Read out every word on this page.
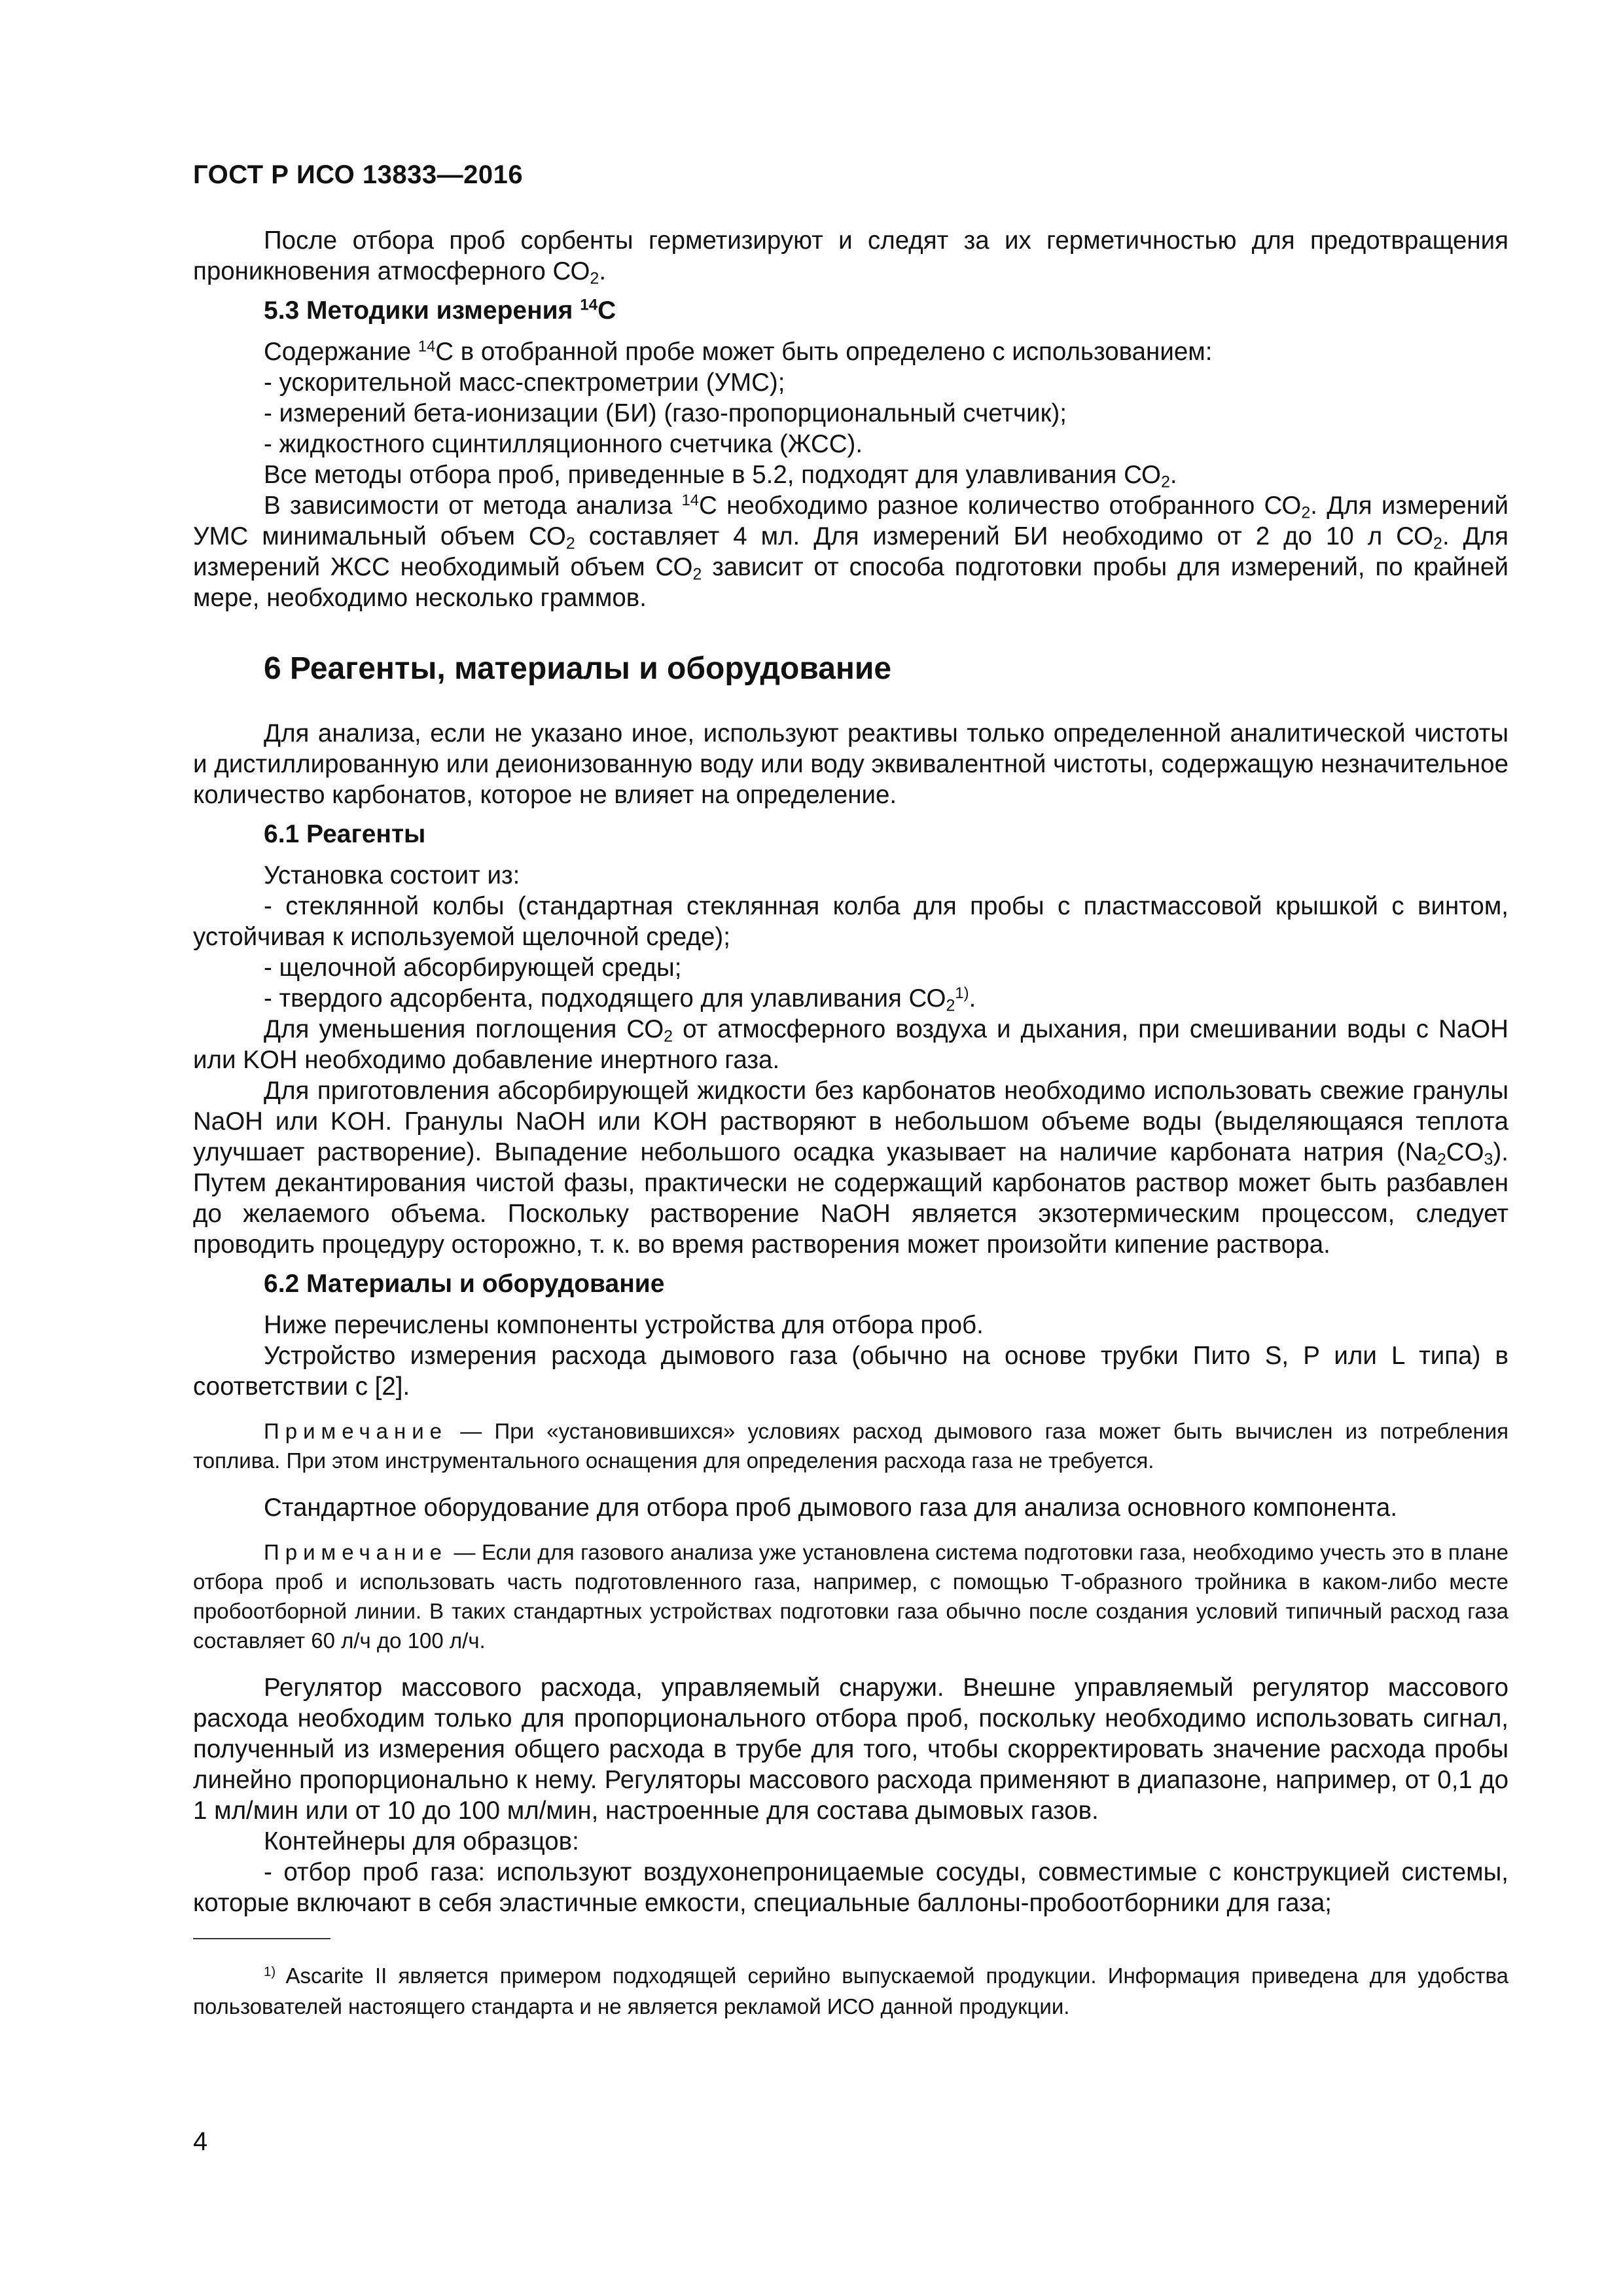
ГОСТ Р ИСО 13833—2016

После отбора проб сорбенты герметизируют и следят за их герметичностью для предотвращения проникновения атмосферного $СО_2$.

5.3 Методики измерения $^{14}$С

Содержание $^{14}$С в отобранной пробе может быть определено с использованием:

- ускорительной масс-спектрометрии (УМС);

- измерений бета-ионизации (БИ) (газо-пропорциональный счетчик);

- жидкостного сцинтилляционного счетчика (ЖСС).

Все методы отбора проб, приведенные в 5.2, подходят для улавливания $СО_2$.

В зависимости от метода анализа $^{14}$С необходимо разное количество отобранного $СО_2$. Для измерений УМС минимальный объем $СО_2$ составляет 4 мл. Для измерений БИ необходимо от 2 до 10 л $СО_2$. Для измерений ЖСС необходимый объем $СО_2$ зависит от способа подготовки пробы для измерений, по крайней мере, необходимо несколько граммов.

6 Реагенты, материалы и оборудование

Для анализа, если не указано иное, используют реактивы только определенной аналитической чистоты и дистиллированную или деионизованную воду или воду эквивалентной чистоты, содержащую незначительное количество карбонатов, которое не влияет на определение.

6.1 Реагенты

Установка состоит из:

- стеклянной колбы (стандартная стеклянная колба для пробы с пластмассовой крышкой с винтом, устойчивая к используемой щелочной среде);

- щелочной абсорбирующей среды;

- твердого адсорбента, подходящего для улавливания $СО_2^{1)}$.

Для уменьшения поглощения $СО_2$ от атмосферного воздуха и дыхания, при смешивании воды с NaOH или KOH необходимо добавление инертного газа.

Для приготовления абсорбирующей жидкости без карбонатов необходимо использовать свежие гранулы NaOH или KOH. Гранулы NaOH или KOH растворяют в небольшом объеме воды (выделяющаяся теплота улучшает растворение). Выпадение небольшого осадка указывает на наличие карбоната натрия $(Na_2CO_3)$. Путем декантирования чистой фазы, практически не содержащий карбонатов раствор может быть разбавлен до желаемого объема. Поскольку растворение NaOH является экзотермическим процессом, следует проводить процедуру осторожно, т. к. во время растворения может произойти кипение раствора.

6.2 Материалы и оборудование

Ниже перечислены компоненты устройства для отбора проб.

Устройство измерения расхода дымового газа (обычно на основе трубки Пито S, P или L типа) в соответствии с [2].

Примечание — При «установившихся» условиях расход дымового газа может быть вычислен из потребления топлива. При этом инструментального оснащения для определения расхода газа не требуется.

Стандартное оборудование для отбора проб дымового газа для анализа основного компонента.

Примечание — Если для газового анализа уже установлена система подготовки газа, необходимо учесть это в плане отбора проб и использовать часть подготовленного газа, например, с помощью Т-образного тройника в каком-либо месте пробоотборной линии. В таких стандартных устройствах подготовки газа обычно после создания условий типичный расход газа составляет 60 л/ч до 100 л/ч.

Регулятор массового расхода, управляемый снаружи. Внешне управляемый регулятор массового расхода необходим только для пропорционального отбора проб, поскольку необходимо использовать сигнал, полученный из измерения общего расхода в трубе для того, чтобы скорректировать значение расхода пробы линейно пропорционально к нему. Регуляторы массового расхода применяют в диапазоне, например, от 0,1 до 1 мл/мин или от 10 до 100 мл/мин, настроенные для состава дымовых газов.

Контейнеры для образцов:

- отбор проб газа: используют воздухонепроницаемые сосуды, совместимые с конструкцией системы, которые включают в себя эластичные емкости, специальные баллоны-пробоотборники для газа;

$^{1)}$ Ascarite II является примером подходящей серийно выпускаемой продукции. Информация приведена для удобства пользователей настоящего стандарта и не является рекламой ИСО данной продукции.

4
